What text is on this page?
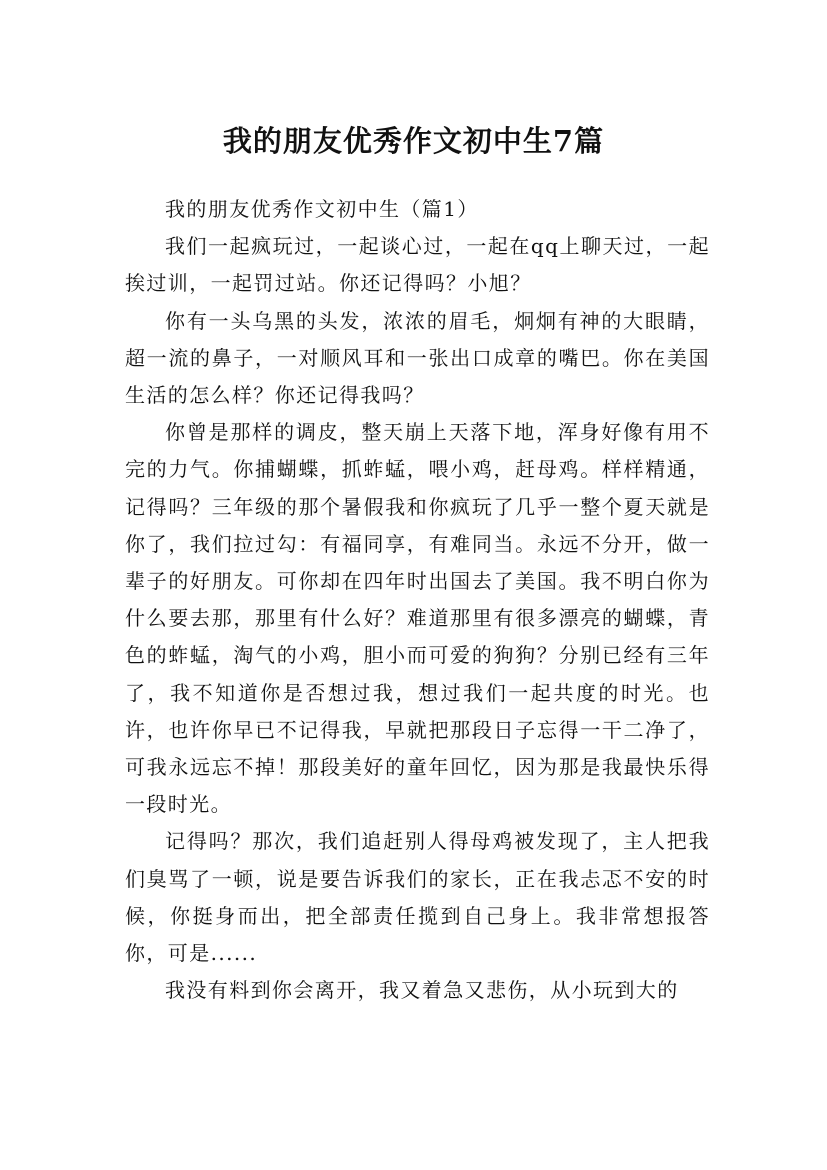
我的朋友优秀作文初中生7篇

我的朋友优秀作文初中生（篇1）

我们一起疯玩过，一起谈心过，一起在qq上聊天过，一起挨过训，一起罚过站。你还记得吗？小旭？

你有一头乌黑的头发，浓浓的眉毛，炯炯有神的大眼睛，超一流的鼻子，一对顺风耳和一张出口成章的嘴巴。你在美国生活的怎么样？你还记得我吗？

你曾是那样的调皮，整天崩上天落下地，浑身好像有用不完的力气。你捕蝴蝶，抓蚱蜢，喂小鸡，赶母鸡。样样精通，记得吗？三年级的那个暑假我和你疯玩了几乎一整个夏天就是你了，我们拉过勾：有福同享，有难同当。永远不分开，做一辈子的好朋友。可你却在四年时出国去了美国。我不明白你为什么要去那，那里有什么好？难道那里有很多漂亮的蝴蝶，青色的蚱蜢，淘气的小鸡，胆小而可爱的狗狗？分别已经有三年了，我不知道你是否想过我，想过我们一起共度的时光。也许，也许你早已不记得我，早就把那段日子忘得一干二净了，可我永远忘不掉！那段美好的童年回忆，因为那是我最快乐得一段时光。

记得吗？那次，我们追赶别人得母鸡被发现了，主人把我们臭骂了一顿，说是要告诉我们的家长，正在我忐忑不安的时候，你挺身而出，把全部责任揽到自己身上。我非常想报答你，可是......

我没有料到你会离开，我又着急又悲伤，从小玩到大的
